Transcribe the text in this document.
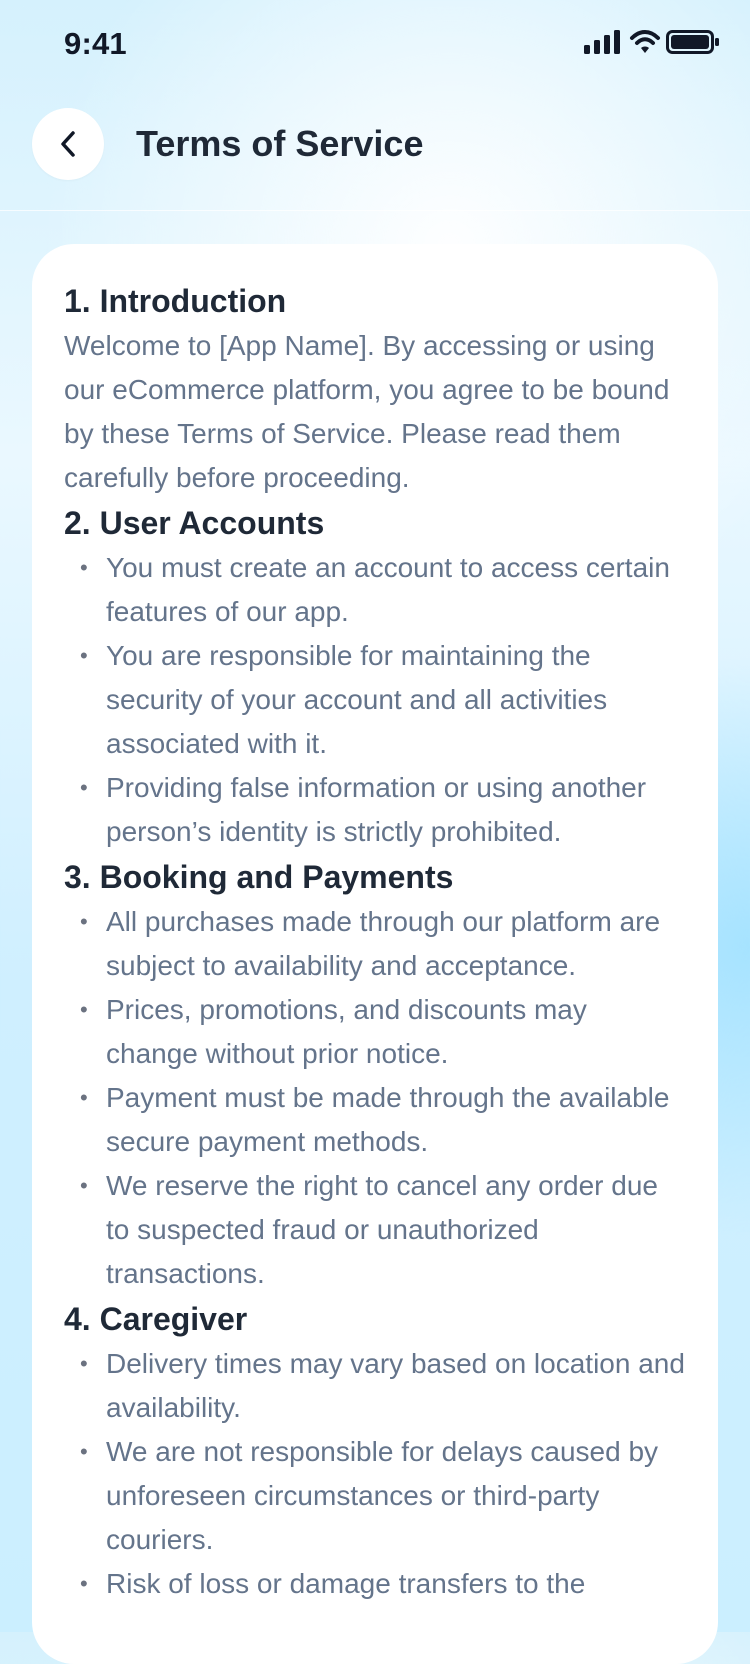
9:41
Terms of Service
1. Introduction

Welcome to [App Name]. By accessing or using our eCommerce platform, you agree to be bound by these Terms of Service. Please read them carefully before proceeding.

2. User Accounts
• You must create an account to access certain features of our app.
• You are responsible for maintaining the security of your account and all activities associated with it.
• Providing false information or using another person’s identity is strictly prohibited.
3. Booking and Payments
• All purchases made through our platform are subject to availability and acceptance.
• Prices, promotions, and discounts may change without prior notice.
• Payment must be made through the available secure payment methods.
• We reserve the right to cancel any order due to suspected fraud or unauthorized transactions.
4. Caregiver
• Delivery times may vary based on location and availability.
• We are not responsible for delays caused by unforeseen circumstances or third-party couriers.
• Risk of loss or damage transfers to the
